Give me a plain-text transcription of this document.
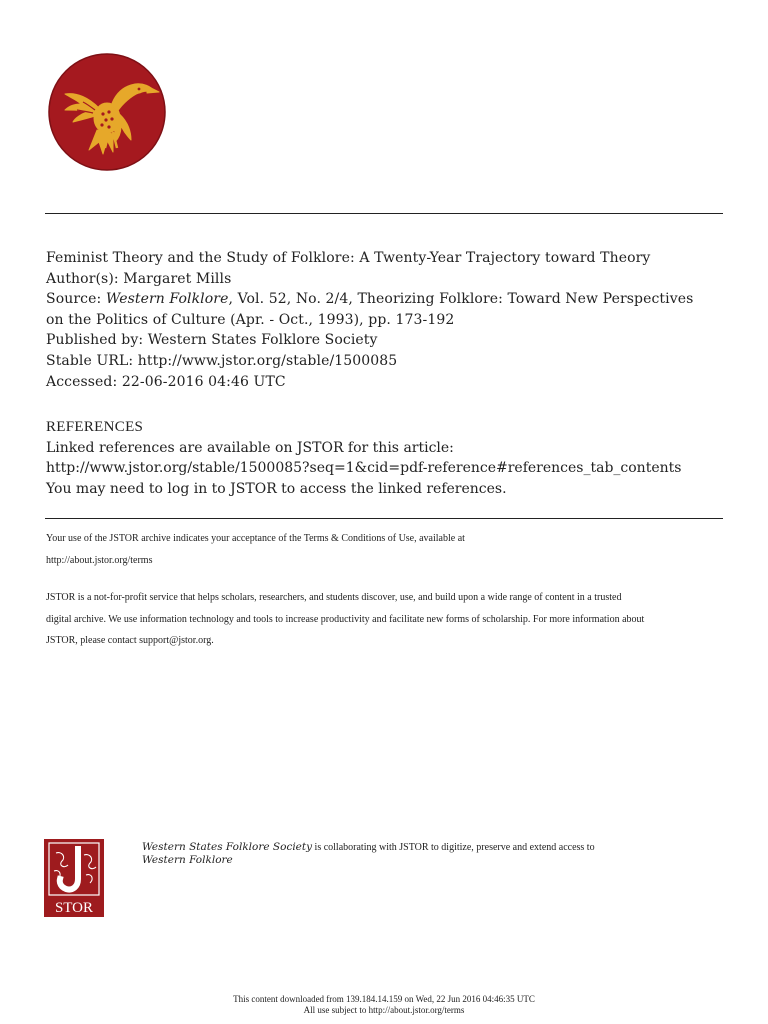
Feminist Theory and the Study of Folklore: A Twenty-Year Trajectory toward Theory
Author(s): Margaret Mills
Source: Western Folklore, Vol. 52, No. 2/4, Theorizing Folklore: Toward New Perspectives
on the Politics of Culture (Apr. - Oct., 1993), pp. 173-192
Published by: Western States Folklore Society
Stable URL: http://www.jstor.org/stable/1500085
Accessed: 22-06-2016 04:46 UTC
REFERENCES
Linked references are available on JSTOR for this article:
http://www.jstor.org/stable/1500085?seq=1&cid=pdf-reference#references_tab_contents
You may need to log in to JSTOR to access the linked references.

Your use of the JSTOR archive indicates your acceptance of the Terms & Conditions of Use, available at

http://about.jstor.org/terms

JSTOR is a not-for-profit service that helps scholars, researchers, and students discover, use, and build upon a wide range of content in a trusted

digital archive. We use information technology and tools to increase productivity and facilitate new forms of scholarship. For more information about

JSTOR, please contact support@jstor.org.

STOR
Western States Folklore Society is collaborating with JSTOR to digitize, preserve and extend access to
Western Folklore
This content downloaded from 139.184.14.159 on Wed, 22 Jun 2016 04:46:35 UTC
All use subject to http://about.jstor.org/terms
